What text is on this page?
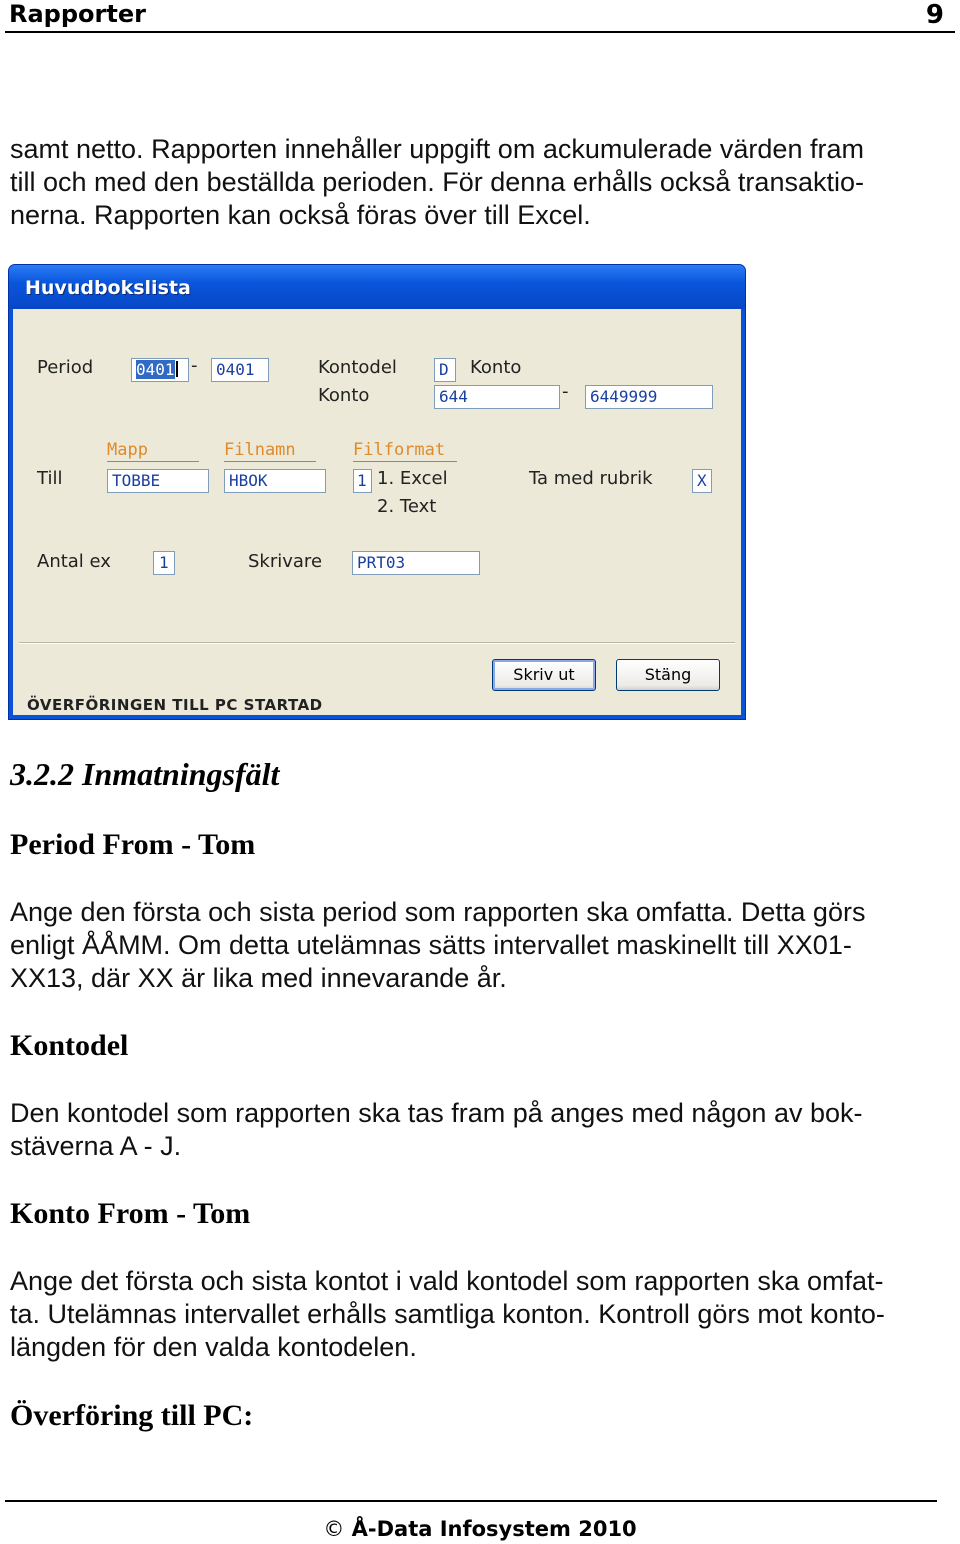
Rapporter	9

samt netto. Rapporten innehåller uppgift om ackumulerade värden fram
till och med den beställda perioden. För denna erhålls också transaktio-
nerna. Rapporten kan också föras över till Excel.

Huvudbokslista
Period	0401 -	0401	Kontodel	D	Konto
Konto	644	-	6449999
Mapp	Filnamn	Filformat
Till	TOBBE	HBOK	1 1. Excel
2. Text
Ta med rubrik	X
Antal ex	1	Skrivare	PRT03
Skriv ut	Stäng
ÖVERFÖRINGEN TILL PC STARTAD
3.2.2 Inmatningsfält
Period From - Tom

Ange den första och sista period som rapporten ska omfatta. Detta görs
enligt ÅÅMM. Om detta utelämnas sätts intervallet maskinellt till XX01-
XX13, där XX är lika med innevarande år.

Kontodel

Den kontodel som rapporten ska tas fram på anges med någon av bok-
stäverna A - J.

Konto From - Tom

Ange det första och sista kontot i vald kontodel som rapporten ska omfat-
ta. Utelämnas intervallet erhålls samtliga konton. Kontroll görs mot konto-
längden för den valda kontodelen.

Överföring till PC:
© Å-Data Infosystem 2010
